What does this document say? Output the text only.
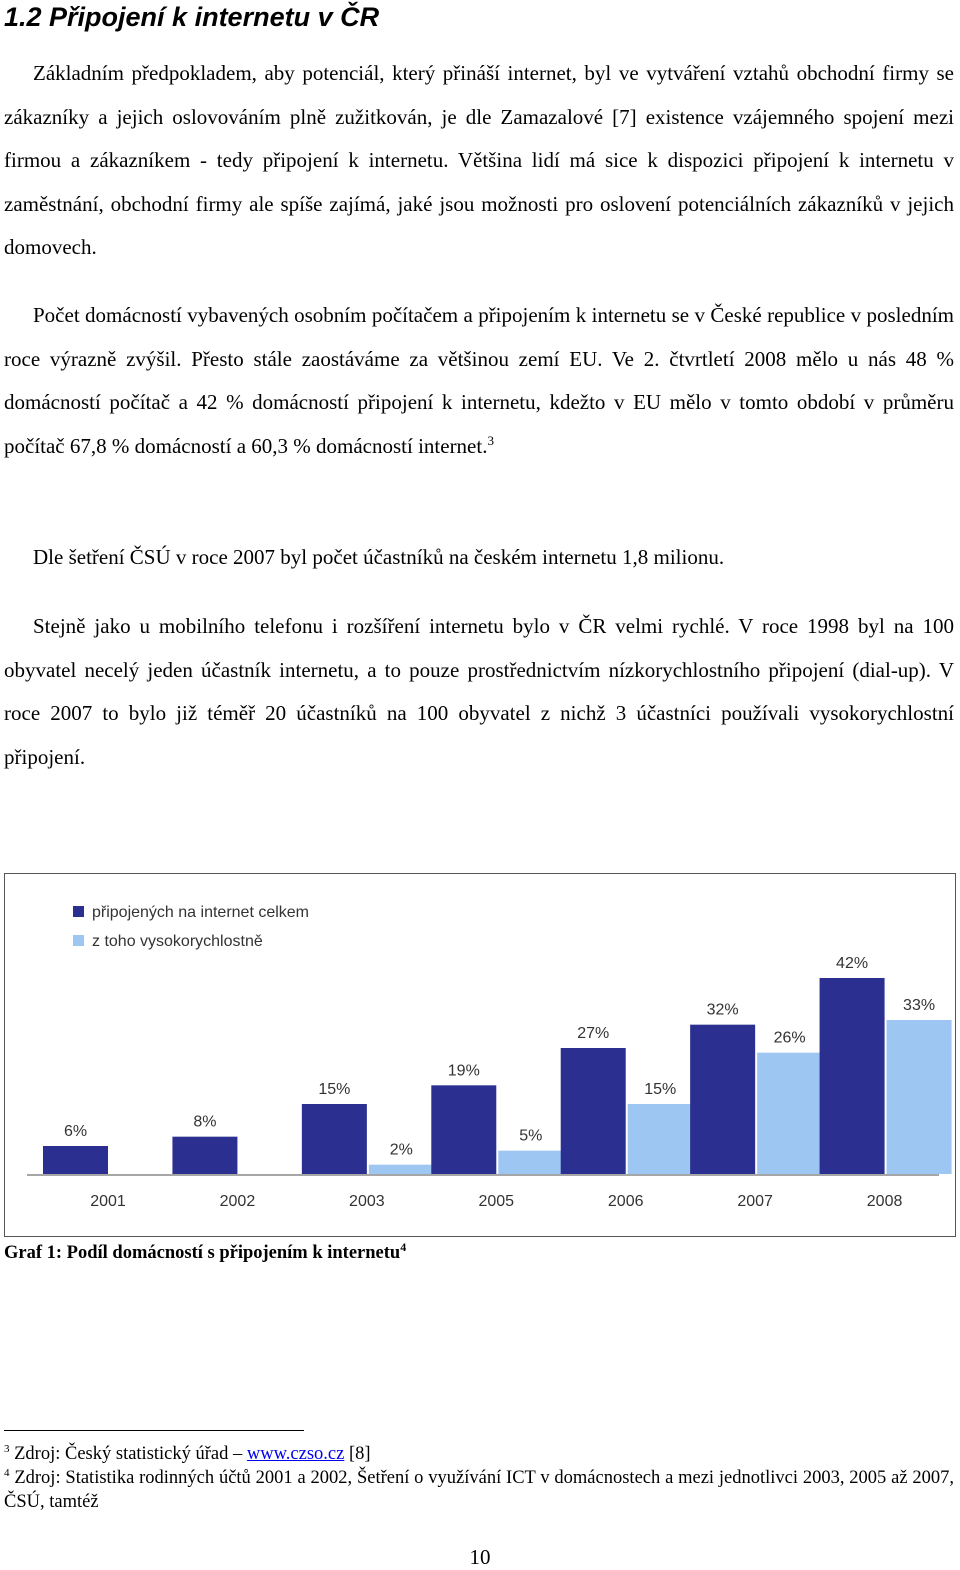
1.2 Připojení k internetu v ČR

Základním předpokladem, aby potenciál, který přináší internet, byl ve vytváření vztahů obchodní firmy se zákazníky a jejich oslovováním plně zužitkován, je dle Zamazalové [7] existence vzájemného spojení mezi firmou a zákazníkem - tedy připojení k internetu. Většina lidí má sice k dispozici připojení k internetu v zaměstnání, obchodní firmy ale spíše zajímá, jaké jsou možnosti pro oslovení potenciálních zákazníků v jejich domovech.

Počet domácností vybavených osobním počítačem a připojením k internetu se v České republice v posledním roce výrazně zvýšil. Přesto stále zaostáváme za většinou zemí EU. Ve 2. čtvrtletí 2008 mělo u nás 48 % domácností počítač a 42 % domácností připojení k internetu, kdežto v EU mělo v tomto období v průměru počítač 67,8 % domácností a 60,3 % domácností internet.$^3$

Dle šetření ČSÚ v roce 2007 byl počet účastníků na českém internetu 1,8 milionu.

Stejně jako u mobilního telefonu i rozšíření internetu bylo v ČR velmi rychlé. V roce 1998 byl na 100 obyvatel necelý jeden účastník internetu, a to pouze prostřednictvím nízkorychlostního připojení (dial-up). V roce 2007 to bylo již téměř 20 účastníků na 100 obyvatel z nichž 3 účastníci používali vysokorychlostní připojení.

6%
2001
8%
2002
15%
2%
2003
19%
5%
2005
27%
15%
2006
32%
26%
2007
42%
33%
2008
připojených na internet celkem
z toho vysokorychlostně

Graf 1: Podíl domácností s připojením k internetu$^4$

$^3$ Zdroj: Český statistický úřad – www.czso.cz [8]

$^4$ Zdroj: Statistika rodinných účtů 2001 a 2002, Šetření o využívání ICT v domácnostech a mezi jednotlivci 2003, 2005 až 2007, ČSÚ, tamtéž

10
